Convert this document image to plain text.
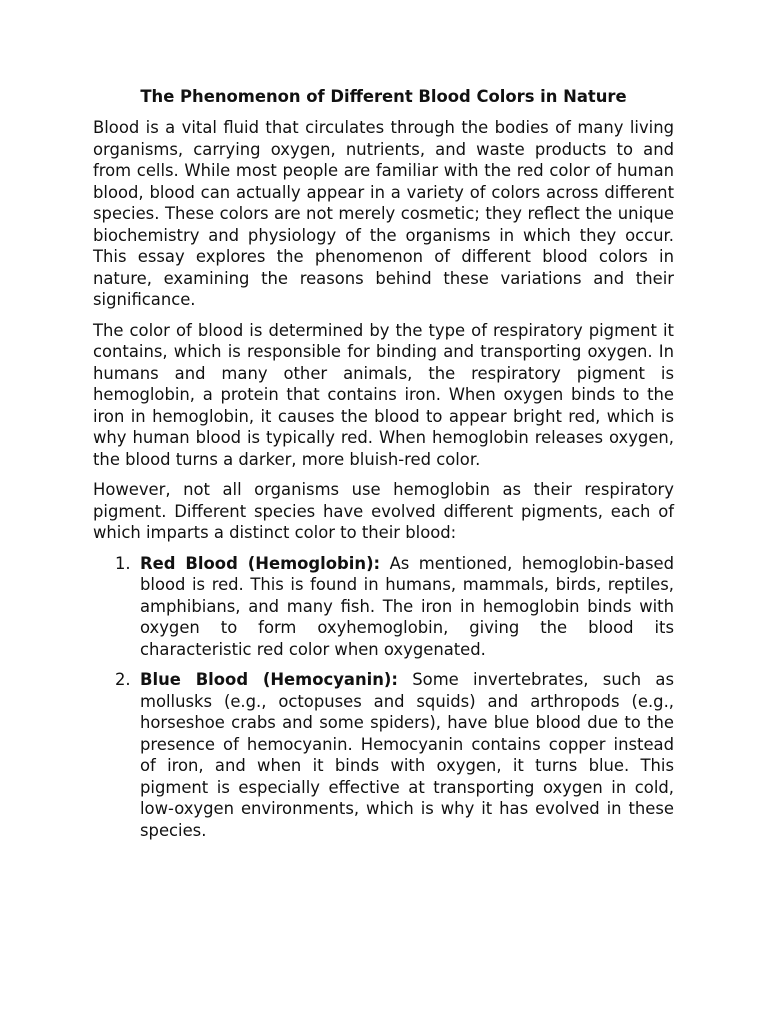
The Phenomenon of Different Blood Colors in Nature

Blood is a vital fluid that circulates through the bodies of many living organisms, carrying oxygen, nutrients, and waste products to and from cells. While most people are familiar with the red color of human blood, blood can actually appear in a variety of colors across different species. These colors are not merely cosmetic; they reflect the unique biochemistry and physiology of the organisms in which they occur. This essay explores the phenomenon of different blood colors in nature, examining the reasons behind these variations and their significance.

The color of blood is determined by the type of respiratory pigment it contains, which is responsible for binding and transporting oxygen. In humans and many other animals, the respiratory pigment is hemoglobin, a protein that contains iron. When oxygen binds to the iron in hemoglobin, it causes the blood to appear bright red, which is why human blood is typically red. When hemoglobin releases oxygen, the blood turns a darker, more bluish-red color.

However, not all organisms use hemoglobin as their respiratory pigment. Different species have evolved different pigments, each of which imparts a distinct color to their blood:

1. Red Blood (Hemoglobin): As mentioned, hemoglobin-based blood is red. This is found in humans, mammals, birds, reptiles, amphibians, and many fish. The iron in hemoglobin binds with oxygen to form oxyhemoglobin, giving the blood its characteristic red color when oxygenated.
2. Blue Blood (Hemocyanin): Some invertebrates, such as mollusks (e.g., octopuses and squids) and arthropods (e.g., horseshoe crabs and some spiders), have blue blood due to the presence of hemocyanin. Hemocyanin contains copper instead of iron, and when it binds with oxygen, it turns blue. This pigment is especially effective at transporting oxygen in cold, low-oxygen environments, which is why it has evolved in these species.
